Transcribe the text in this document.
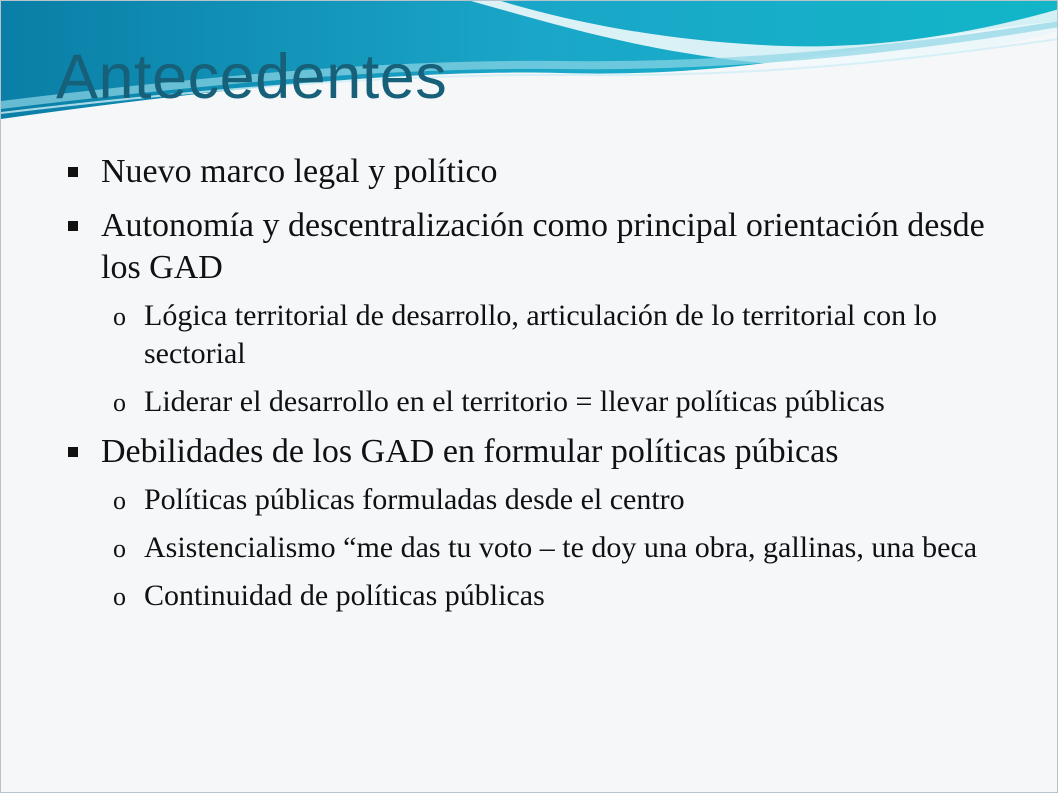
Antecedentes
Nuevo marco legal y político
Autonomía y descentralización como principal orientación desde los GAD
o Lógica territorial de desarrollo, articulación de lo territorial con lo sectorial
o Liderar el desarrollo en el territorio = llevar políticas públicas
Debilidades de los GAD en formular políticas púbicas
o Políticas públicas formuladas desde el centro
o Asistencialismo “me das tu voto – te doy una obra, gallinas, una beca
o Continuidad de políticas públicas
